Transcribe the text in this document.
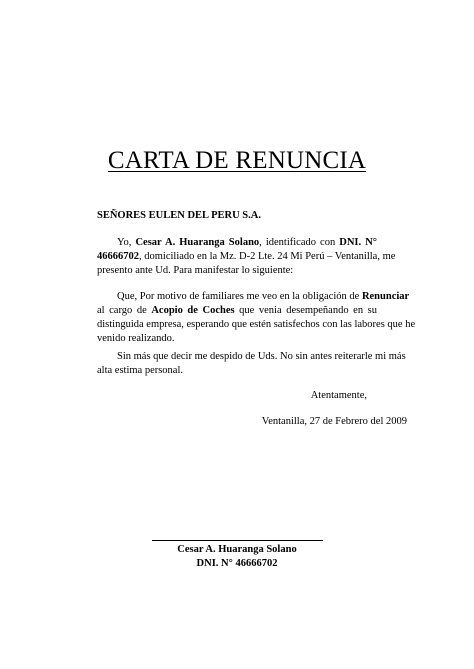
CARTA DE RENUNCIA
SEÑORES EULEN DEL PERU S.A.
Yo, Cesar A. Huaranga Solano, identificado con DNI. N°
46666702, domiciliado en la Mz. D-2 Lte. 24 Mi Perú – Ventanilla, me
presento ante Ud. Para manifestar lo siguiente:
Que, Por motivo de familiares me veo en la obligación de Renunciar
al cargo de Acopio de Coches que venia desempeñando en su
distinguida empresa, esperando que estén satisfechos con las labores que he
venido realizando.
Sin más que decir me despido de Uds. No sin antes reiterarle mi más
alta estima personal.
Atentamente,
Ventanilla, 27 de Febrero del 2009
Cesar A. Huaranga Solano
DNI. N° 46666702
